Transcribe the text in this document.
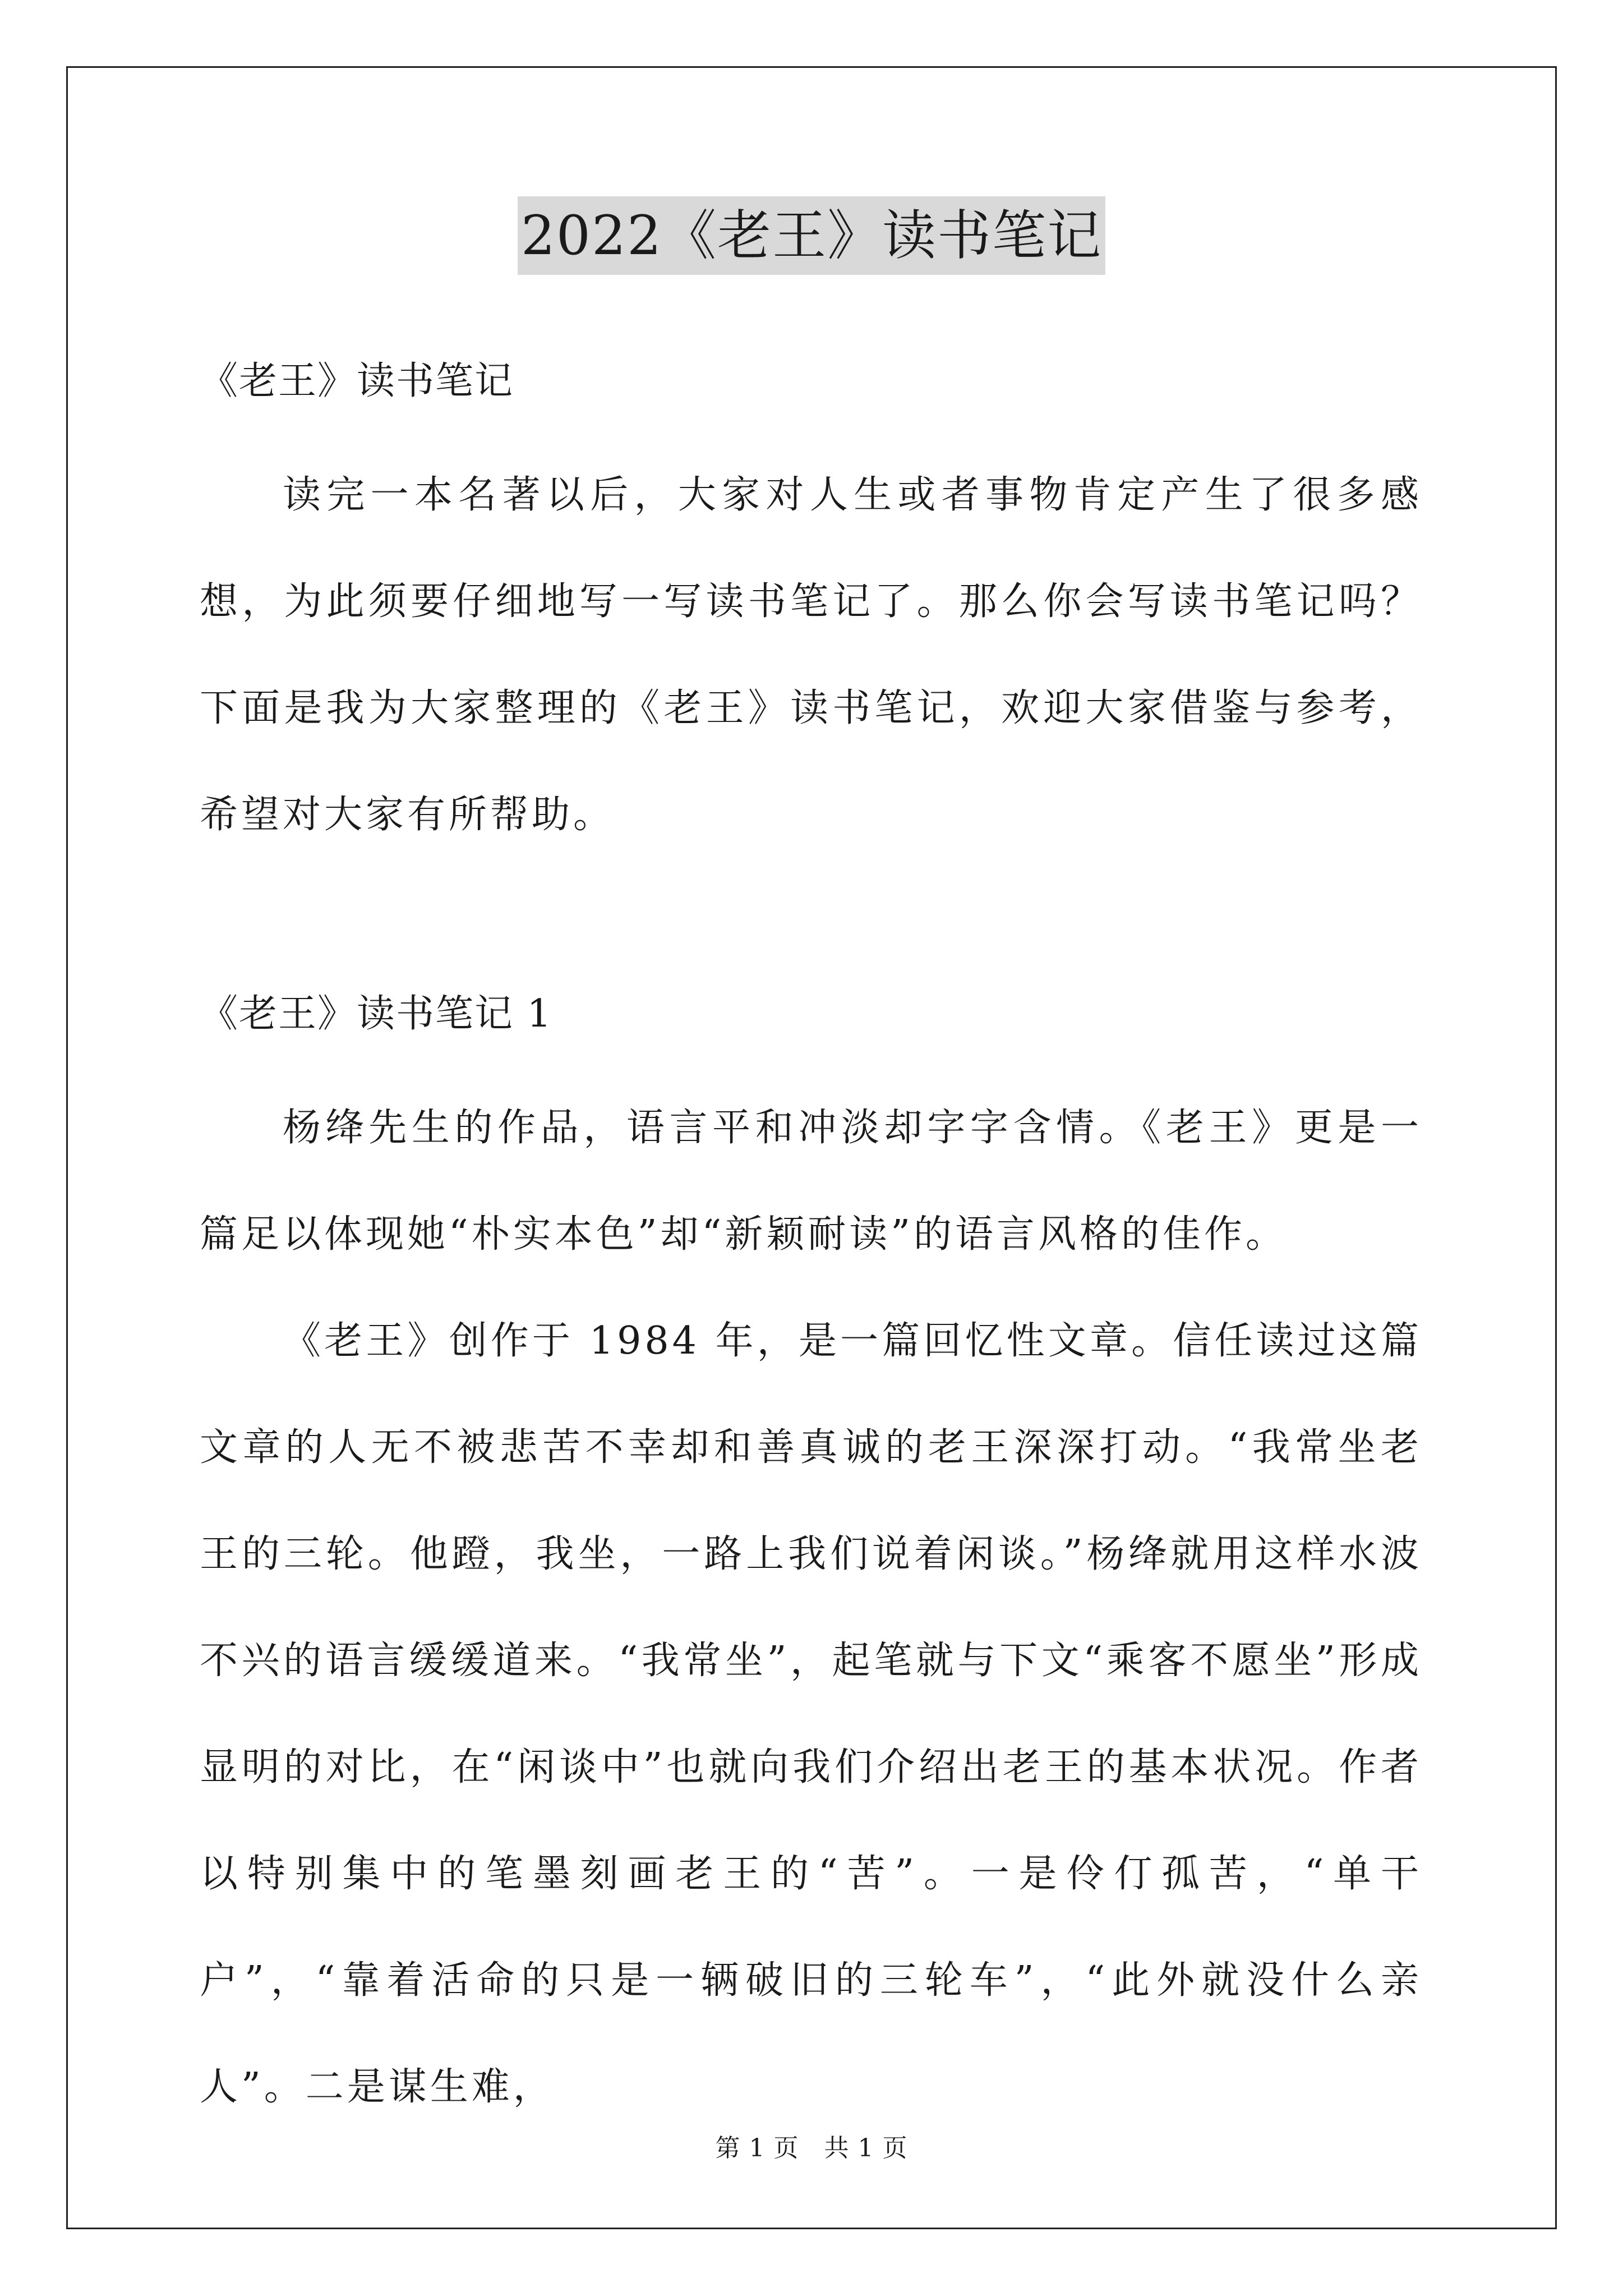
2022《老王》读书笔记

《老王》读书笔记

读完一本名著以后，大家对人生或者事物肯定产生了很多感想，为此须要仔细地写一写读书笔记了。那么你会写读书笔记吗？下面是我为大家整理的《老王》读书笔记，欢迎大家借鉴与参考，希望对大家有所帮助。

《老王》读书笔记 1

杨绛先生的作品，语言平和冲淡却字字含情。《老王》更是一篇足以体现她“朴实本色”却“新颖耐读”的语言风格的佳作。

《老王》创作于 1984 年，是一篇回忆性文章。信任读过这篇文章的人无不被悲苦不幸却和善真诚的老王深深打动。“我常坐老王的三轮。他蹬，我坐，一路上我们说着闲谈。”杨绛就用这样水波不兴的语言缓缓道来。“我常坐”，起笔就与下文“乘客不愿坐”形成显明的对比，在“闲谈中”也就向我们介绍出老王的基本状况。作者以特别集中的笔墨刻画老王的“苦”。一是伶仃孤苦，“单干户”，“靠着活命的只是一辆破旧的三轮车”，“此外就没什么亲人”。二是谋生难，

第 1 页　共 1 页
